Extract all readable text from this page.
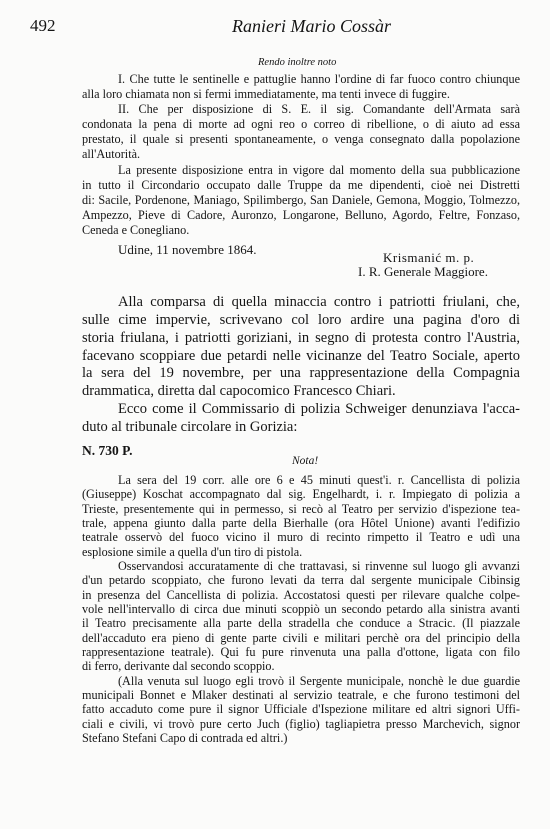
492	Ranieri Mario Cossàr
Rendo inoltre noto
I. Che tutte le sentinelle e pattuglie hanno l'ordine di far fuoco contro chiunque
alla loro chiamata non si fermi immediatamente, ma tenti invece di fuggire.
II. Che per disposizione di S. E. il sig. Comandante dell'Armata sarà
condonata la pena di morte ad ogni reo o correo di ribellione, o di aiuto ad essa
prestato, il quale si presenti spontaneamente, o venga consegnato dalla popolazione
all'Autorità.
La presente disposizione entra in vigore dal momento della sua pubblicazione
in tutto il Circondario occupato dalle Truppe da me dipendenti, cioè nei Distretti
di: Sacile, Pordenone, Maniago, Spilimbergo, San Daniele, Gemona, Moggio, Tolmezzo,
Ampezzo, Pieve di Cadore, Auronzo, Longarone, Belluno, Agordo, Feltre, Fonzaso,
Ceneda e Conegliano.
Udine, 11 novembre 1864.
Krismanić m. p.
I. R. Generale Maggiore.
Alla comparsa di quella minaccia contro i patriotti friulani, che,
sulle cime impervie, scrivevano col loro ardire una pagina d'oro di
storia friulana, i patriotti goriziani, in segno di protesta contro l'Austria,
facevano scoppiare due petardi nelle vicinanze del Teatro Sociale, aperto
la sera del 19 novembre, per una rappresentazione della Compagnia
drammatica, diretta dal capocomico Francesco Chiari.
Ecco come il Commissario di polizia Schweiger denunziava l'acca-
duto al tribunale circolare in Gorizia:
N. 730 P.
Nota!
La sera del 19 corr. alle ore 6 e 45 minuti quest'i. r. Cancellista di polizia
(Giuseppe) Koschat accompagnato dal sig. Engelhardt, i. r. Impiegato di polizia a
Trieste, presentemente qui in permesso, si recò al Teatro per servizio d'ispezione tea-
trale, appena giunto dalla parte della Bierhalle (ora Hôtel Unione) avanti l'edifizio
teatrale osservò del fuoco vicino il muro di recinto rimpetto il Teatro e udì una
esplosione simile a quella d'un tiro di pistola.
Osservandosi accuratamente di che trattavasi, si rinvenne sul luogo gli avvanzi
d'un petardo scoppiato, che furono levati da terra dal sergente municipale Cibinsig
in presenza del Cancellista di polizia. Accostatosi questi per rilevare qualche colpe-
vole nell'intervallo di circa due minuti scoppiò un secondo petardo alla sinistra avanti
il Teatro precisamente alla parte della stradella che conduce a Stracic. (Il piazzale
dell'accaduto era pieno di gente parte civili e militari perchè ora del principio della
rappresentazione teatrale). Qui fu pure rinvenuta una palla d'ottone, ligata con filo
di ferro, derivante dal secondo scoppio.
(Alla venuta sul luogo egli trovò il Sergente municipale, nonchè le due guardie
municipali Bonnet e Mlaker destinati al servizio teatrale, e che furono testimoni del
fatto accaduto come pure il signor Ufficiale d'Ispezione militare ed altri signori Uffi-
ciali e civili, vi trovò pure certo Juch (figlio) tagliapietra presso Marchevich, signor
Stefano Stefani Capo di contrada ed altri.)
